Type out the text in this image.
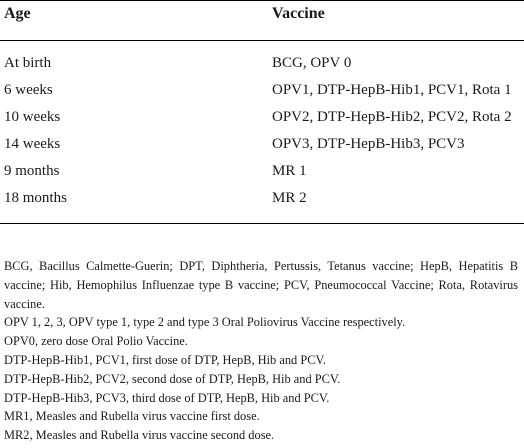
Age	Vaccine
At birth	BCG, OPV 0
6 weeks	OPV1, DTP-HepB-Hib1, PCV1, Rota 1
10 weeks	OPV2, DTP-HepB-Hib2, PCV2, Rota 2
14 weeks	OPV3, DTP-HepB-Hib3, PCV3
9 months	MR 1
18 months	MR 2

BCG, Bacillus Calmette-Guerin; DPT, Diphtheria, Pertussis, Tetanus vaccine; HepB, Hepatitis B vaccine; Hib, Hemophilus Influenzae type B vaccine; PCV, Pneumococcal Vaccine; Rota, Rotavirus vaccine.

OPV 1, 2, 3, OPV type 1, type 2 and type 3 Oral Poliovirus Vaccine respectively.

OPV0, zero dose Oral Polio Vaccine.

DTP-HepB-Hib1, PCV1, first dose of DTP, HepB, Hib and PCV.

DTP-HepB-Hib2, PCV2, second dose of DTP, HepB, Hib and PCV.

DTP-HepB-Hib3, PCV3, third dose of DTP, HepB, Hib and PCV.

MR1, Measles and Rubella virus vaccine first dose.

MR2, Measles and Rubella virus vaccine second dose.
